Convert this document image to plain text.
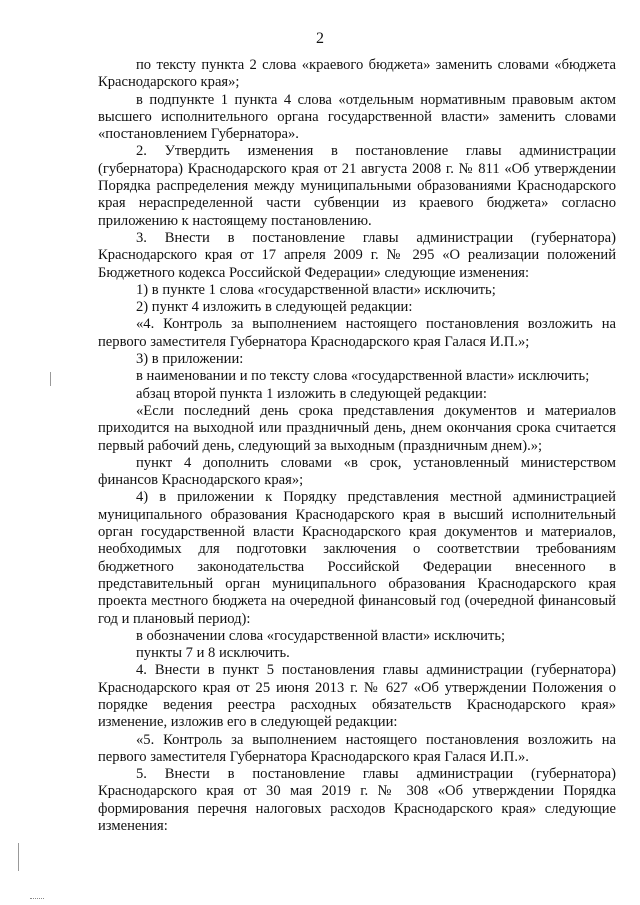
2

по тексту пункта 2 слова «краевого бюджета» заменить словами «бюджета Краснодарского края»;

в подпункте 1 пункта 4 слова «отдельным нормативным правовым актом высшего исполнительного органа государственной власти» заменить словами «постановлением Губернатора».

2. Утвердить изменения в постановление главы администрации (губернатора) Краснодарского края от 21 августа 2008 г. № 811 «Об утверждении Порядка распределения между муниципальными образованиями Краснодарского края нераспределенной части субвенции из краевого бюджета» согласно приложению к настоящему постановлению.

3. Внести в постановление главы администрации (губернатора) Краснодарского края от 17 апреля 2009 г. № 295 «О реализации положений Бюджетного кодекса Российской Федерации» следующие изменения:

1) в пункте 1 слова «государственной власти» исключить;

2) пункт 4 изложить в следующей редакции:

«4. Контроль за выполнением настоящего постановления возложить на первого заместителя Губернатора Краснодарского края Галася И.П.»;

3) в приложении:

в наименовании и по тексту слова «государственной власти» исключить;

абзац второй пункта 1 изложить в следующей редакции:

«Если последний день срока представления документов и материалов приходится на выходной или праздничный день, днем окончания срока считается первый рабочий день, следующий за выходным (праздничным днем).»;

пункт 4 дополнить словами «в срок, установленный министерством финансов Краснодарского края»;

4) в приложении к Порядку представления местной администрацией муниципального образования Краснодарского края в высший исполнительный орган государственной власти Краснодарского края документов и материалов, необходимых для подготовки заключения о соответствии требованиям бюджетного законодательства Российской Федерации внесенного в представительный орган муниципального образования Краснодарского края проекта местного бюджета на очередной финансовый год (очередной финансовый год и плановый период):

в обозначении слова «государственной власти» исключить;

пункты 7 и 8 исключить.

4. Внести в пункт 5 постановления главы администрации (губернатора) Краснодарского края от 25 июня 2013 г. № 627 «Об утверждении Положения о порядке ведения реестра расходных обязательств Краснодарского края» изменение, изложив его в следующей редакции:

«5. Контроль за выполнением настоящего постановления возложить на первого заместителя Губернатора Краснодарского края Галася И.П.».

5. Внести в постановление главы администрации (губернатора) Краснодарского края от 30 мая 2019 г. № 308 «Об утверждении Порядка формирования перечня налоговых расходов Краснодарского края» следующие изменения:
